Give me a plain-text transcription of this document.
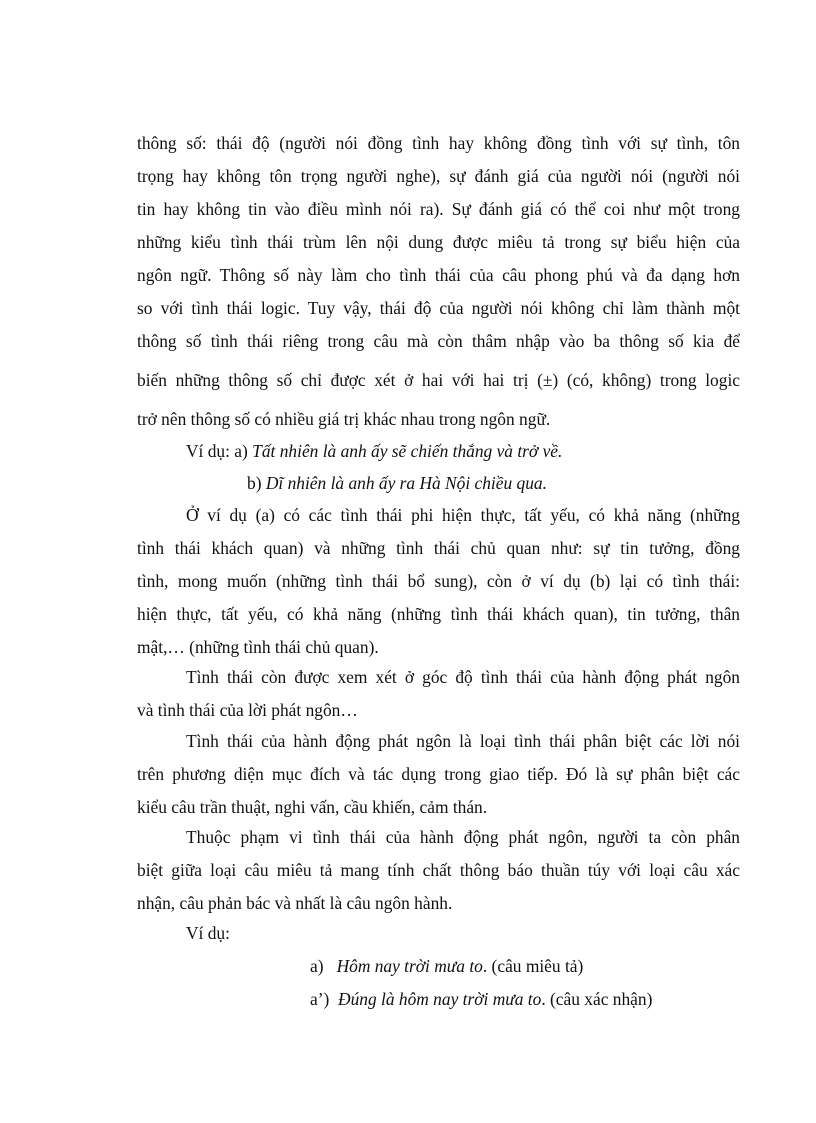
thông số: thái độ (người nói đồng tình hay không đồng tình với sự tình, tôn
trọng hay không tôn trọng người nghe), sự đánh giá của người nói (người nói
tin hay không tin vào điều mình nói ra). Sự đánh giá có thể coi như một trong
những kiểu tình thái trùm lên nội dung được miêu tả trong sự biểu hiện của
ngôn ngữ. Thông số này làm cho tình thái của câu phong phú và đa dạng hơn
so với tình thái logic. Tuy vậy, thái độ của người nói không chỉ làm thành một
thông số tình thái riêng trong câu mà còn thâm nhập vào ba thông số kia để
biến những thông số chỉ được xét ở hai với hai trị (±) (có, không) trong logic
trở nên thông số có nhiều giá trị khác nhau trong ngôn ngữ.
Ví dụ: a) Tất nhiên là anh ấy sẽ chiến thắng và trở về.
b) Dĩ nhiên là anh ấy ra Hà Nội chiều qua.
Ở ví dụ (a) có các tình thái phi hiện thực, tất yếu, có khả năng (những
tình thái khách quan) và những tình thái chủ quan như: sự tin tưởng, đồng
tình, mong muốn (những tình thái bổ sung), còn ở ví dụ (b) lại có tình thái:
hiện thực, tất yếu, có khả năng (những tình thái khách quan), tin tưởng, thân
mật,… (những tình thái chủ quan).
Tình thái còn được xem xét ở góc độ tình thái của hành động phát ngôn
và tình thái của lời phát ngôn…
Tình thái của hành động phát ngôn là loại tình thái phân biệt các lời nói
trên phương diện mục đích và tác dụng trong giao tiếp. Đó là sự phân biệt các
kiểu câu trần thuật, nghi vấn, cầu khiến, cảm thán.
Thuộc phạm vi tình thái của hành động phát ngôn, người ta còn phân
biệt giữa loại câu miêu tả mang tính chất thông báo thuần túy với loại câu xác
nhận, câu phản bác và nhất là câu ngôn hành.
Ví dụ:
a) Hôm nay trời mưa to. (câu miêu tả)
a’) Đúng là hôm nay trời mưa to. (câu xác nhận)
